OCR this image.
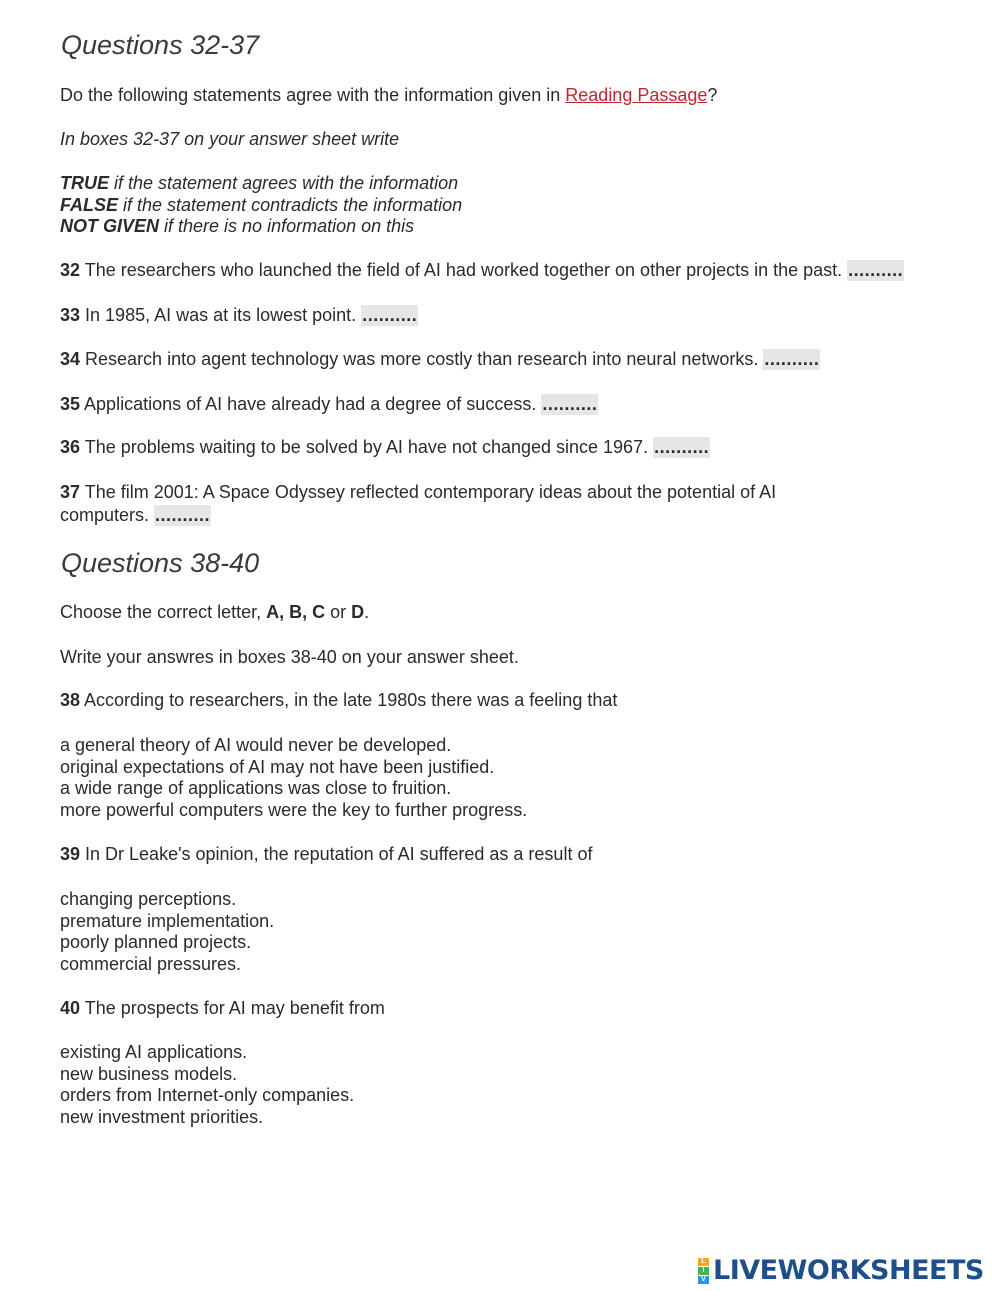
Questions 32-37
Do the following statements agree with the information given in Reading Passage?
In boxes 32-37 on your answer sheet write
TRUE if the statement agrees with the information
FALSE if the statement contradicts the information
NOT GIVEN if there is no information on this
32 The researchers who launched the field of AI had worked together on other projects in the past. ..........
33 In 1985, AI was at its lowest point. ..........
34 Research into agent technology was more costly than research into neural networks. ..........
35 Applications of AI have already had a degree of success. ..........
36 The problems waiting to be solved by AI have not changed since 1967. ..........
37 The film 2001: A Space Odyssey reflected contemporary ideas about the potential of AI
computers. ..........
Questions 38-40
Choose the correct letter, A, B, C or D.
Write your answres in boxes 38-40 on your answer sheet.
38 According to researchers, in the late 1980s there was a feeling that
a general theory of AI would never be developed.
original expectations of AI may not have been justified.
a wide range of applications was close to fruition.
more powerful computers were the key to further progress.
39 In Dr Leake's opinion, the reputation of AI suffered as a result of
changing perceptions.
premature implementation.
poorly planned projects.
commercial pressures.
40 The prospects for AI may benefit from
existing AI applications.
new business models.
orders from Internet-only companies.
new investment priorities.
L
I
V LIVEWORKSHEETS
